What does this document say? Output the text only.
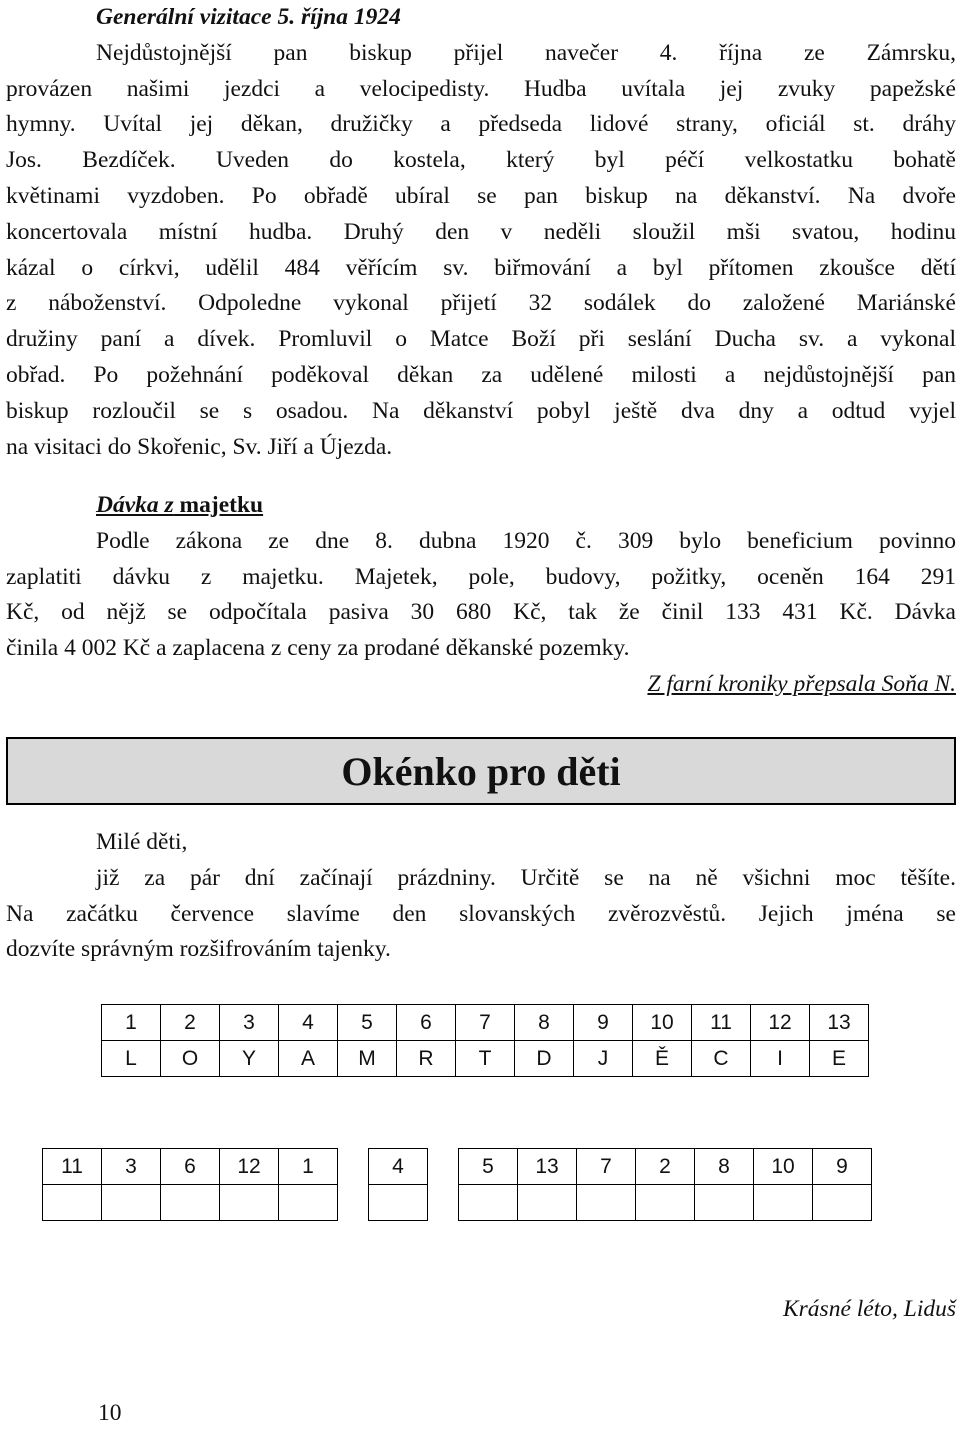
Generální vizitace 5. října 1924

Nejdůstojnější pan biskup přijel navečer 4. října ze Zámrsku,

provázen našimi jezdci a velocipedisty. Hudba uvítala jej zvuky papežské

hymny. Uvítal jej děkan, družičky a předseda lidové strany, oficiál st. dráhy

Jos. Bezdíček. Uveden do kostela, který byl péčí velkostatku bohatě

květinami vyzdoben. Po obřadě ubíral se pan biskup na děkanství. Na dvoře

koncertovala místní hudba. Druhý den v neděli sloužil mši svatou, hodinu

kázal o církvi, udělil 484 věřícím sv. biřmování a byl přítomen zkoušce dětí

z náboženství. Odpoledne vykonal přijetí 32 sodálek do založené Mariánské

družiny paní a dívek. Promluvil o Matce Boží při seslání Ducha sv. a vykonal

obřad. Po požehnání poděkoval děkan za udělené milosti a nejdůstojnější pan

biskup rozloučil se s osadou. Na děkanství pobyl ještě dva dny a odtud vyjel

na visitaci do Skořenic, Sv. Jiří a Újezda.

Dávka z majetku

Podle zákona ze dne 8. dubna 1920 č. 309 bylo beneficium povinno

zaplatiti dávku z majetku. Majetek, pole, budovy, požitky, oceněn 164 291

Kč, od nějž se odpočítala pasiva 30 680 Kč, tak že činil 133 431 Kč. Dávka

činila 4 002 Kč a zaplacena z ceny za prodané děkanské pozemky.

Z farní kroniky přepsala Soňa N.

Okénko pro děti

Milé děti,

již za pár dní začínají prázdniny. Určitě se na ně všichni moc těšíte.

Na začátku července slavíme den slovanských zvěrozvěstů. Jejich jména se

dozvíte správným rozšifrováním tajenky.

1	2	3	4	5	6	7	8	9	10	11	12	13
L	O	Y	A	M	R	T	D	J	Ě	C	I	E
11	3	6	12	1		4		5	13	7	2	8	10	9

Krásné léto, Liduš

10
